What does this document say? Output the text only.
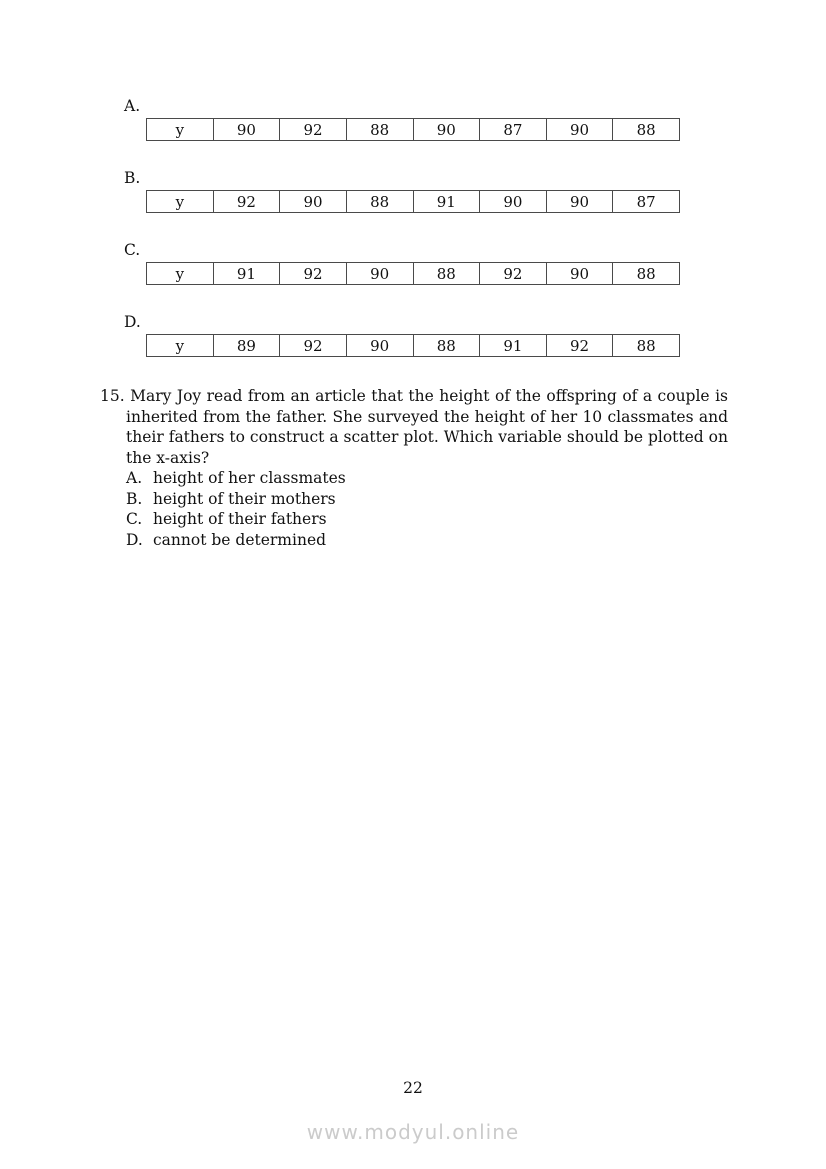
A.
y	90	92	88	90	87	90	88
B.
y	92	90	88	91	90	90	87
C.
y	91	92	90	88	92	90	88
D.
y	89	92	90	88	91	92	88

15. Mary Joy read from an article that the height of the offspring of a couple is inherited from the father. She surveyed the height of her 10 classmates and their fathers to construct a scatter plot. Which variable should be plotted on the x-axis?

A. height of her classmates
B. height of their mothers
C. height of their fathers
D. cannot be determined
22
www.modyul.online
